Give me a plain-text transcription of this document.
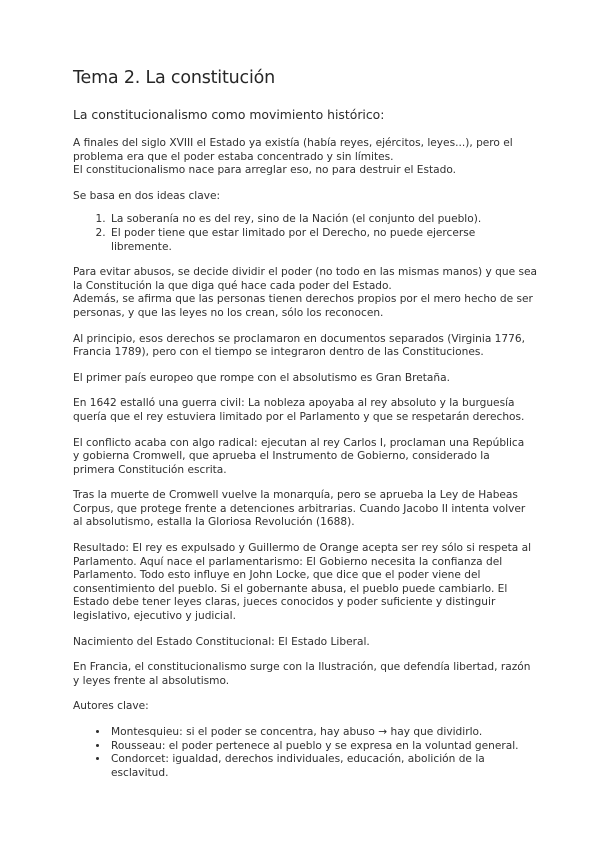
Tema 2. La constitución
La constitucionalismo como movimiento histórico:

A finales del siglo XVIII el Estado ya existía (había reyes, ejércitos, leyes...), pero el
problema era que el poder estaba concentrado y sin límites.
El constitucionalismo nace para arreglar eso, no para destruir el Estado.

Se basa en dos ideas clave:

1. La soberanía no es del rey, sino de la Nación (el conjunto del pueblo).
2. El poder tiene que estar limitado por el Derecho, no puede ejercerse
libremente.

Para evitar abusos, se decide dividir el poder (no todo en las mismas manos) y que sea
la Constitución la que diga qué hace cada poder del Estado.
Además, se afirma que las personas tienen derechos propios por el mero hecho de ser
personas, y que las leyes no los crean, sólo los reconocen.

Al principio, esos derechos se proclamaron en documentos separados (Virginia 1776,
Francia 1789), pero con el tiempo se integraron dentro de las Constituciones.

El primer país europeo que rompe con el absolutismo es Gran Bretaña.

En 1642 estalló una guerra civil: La nobleza apoyaba al rey absoluto y la burguesía
quería que el rey estuviera limitado por el Parlamento y que se respetarán derechos.

El conflicto acaba con algo radical: ejecutan al rey Carlos I, proclaman una República
y gobierna Cromwell, que aprueba el Instrumento de Gobierno, considerado la
primera Constitución escrita.

Tras la muerte de Cromwell vuelve la monarquía, pero se aprueba la Ley de Habeas
Corpus, que protege frente a detenciones arbitrarias. Cuando Jacobo II intenta volver
al absolutismo, estalla la Gloriosa Revolución (1688).

Resultado: El rey es expulsado y Guillermo de Orange acepta ser rey sólo si respeta al
Parlamento. Aquí nace el parlamentarismo: El Gobierno necesita la confianza del
Parlamento. Todo esto influye en John Locke, que dice que el poder viene del
consentimiento del pueblo. Si el gobernante abusa, el pueblo puede cambiarlo. El
Estado debe tener leyes claras, jueces conocidos y poder suficiente y distinguir
legislativo, ejecutivo y judicial.

Nacimiento del Estado Constitucional: El Estado Liberal.

En Francia, el constitucionalismo surge con la Ilustración, que defendía libertad, razón
y leyes frente al absolutismo.

Autores clave:

• Montesquieu: si el poder se concentra, hay abuso → hay que dividirlo.
• Rousseau: el poder pertenece al pueblo y se expresa en la voluntad general.
• Condorcet: igualdad, derechos individuales, educación, abolición de la
esclavitud.
